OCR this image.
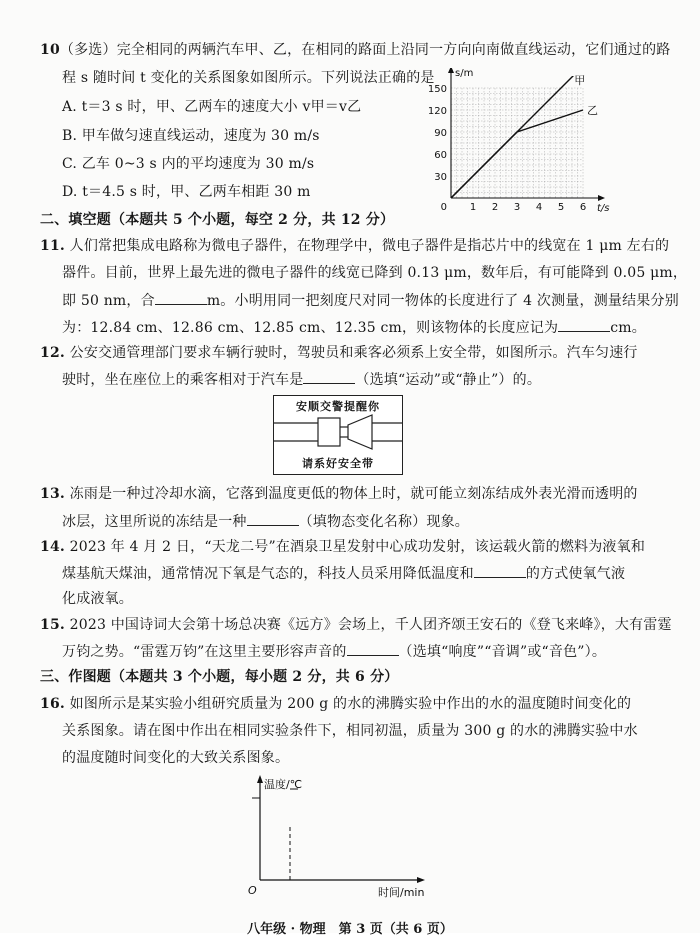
10（多选）完全相同的两辆汽车甲、乙，在相同的路面上沿同一方向向南做直线运动，它们通过的路
程 s 随时间 t 变化的关系图象如图所示。下列说法正确的是
A. t＝3 s 时，甲、乙两车的速度大小 v甲＝v乙
B. 甲车做匀速直线运动，速度为 30 m/s
C. 乙车 0~3 s 内的平均速度为 30 m/s
D. t＝4.5 s 时，甲、乙两车相距 30 m
30
60
90
120
150
1 2 3 4 5 6
0
s/m
t/s
甲
乙
二、填空题（本题共 5 个小题，每空 2 分，共 12 分）
11. 人们常把集成电路称为微电子器件，在物理学中，微电子器件是指芯片中的线宽在 1 μm 左右的
器件。目前，世界上最先进的微电子器件的线宽已降到 0.13 μm，数年后，有可能降到 0.05 μm，
即 50 nm，合	m。小明用同一把刻度尺对同一物体的长度进行了 4 次测量，测量结果分别
为：12.84 cm、12.86 cm、12.85 cm、12.35 cm，则该物体的长度应记为	cm。
12. 公安交通管理部门要求车辆行驶时，驾驶员和乘客必须系上安全带，如图所示。汽车匀速行
驶时，坐在座位上的乘客相对于汽车是	（选填“运动”或“静止”）的。
安顺交警提醒你
请系好安全带
13. 冻雨是一种过冷却水滴，它落到温度更低的物体上时，就可能立刻冻结成外表光滑而透明的
冰层，这里所说的冻结是一种	（填物态变化名称）现象。
14. 2023 年 4 月 2 日，“天龙二号”在酒泉卫星发射中心成功发射，该运载火箭的燃料为液氧和
煤基航天煤油，通常情况下氧是气态的，科技人员采用降低温度和	的方式使氧气液
化成液氧。
15. 2023 中国诗词大会第十场总决赛《远方》会场上，千人团齐颂王安石的《登飞来峰》，大有雷霆
万钧之势。“雷霆万钧”在这里主要形容声音的	（选填“响度”“音调”或“音色”）。
三、作图题（本题共 3 个小题，每小题 2 分，共 6 分）
16. 如图所示是某实验小组研究质量为 200 g 的水的沸腾实验中作出的水的温度随时间变化的
关系图象。请在图中作出在相同实验条件下，相同初温，质量为 300 g 的水的沸腾实验中水
的温度随时间变化的大致关系图象。
温度/℃
时间/min
O
八年级 · 物理　第 3 页（共 6 页）
